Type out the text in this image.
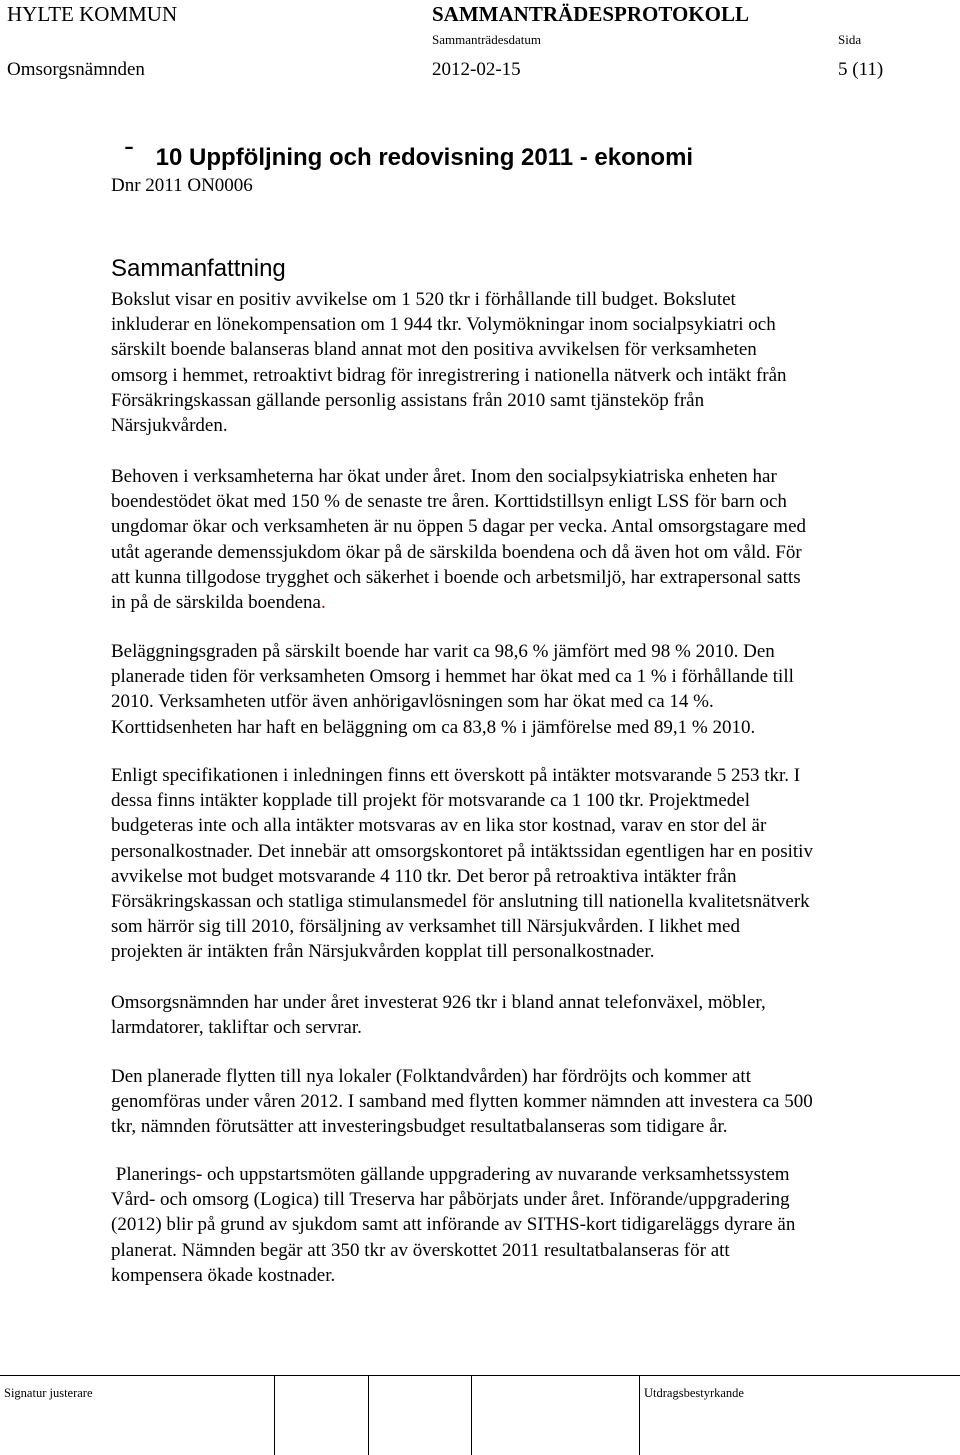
HYLTE KOMMUN	SAMMANTRÄDESPROTOKOLL
Sammanträdesdatum	Sida
Omsorgsnämnden	2012-02-15	5 (11)
¯ 10 Uppföljning och redovisning 2011 - ekonomi
Dnr 2011 ON0006
Sammanfattning
Bokslut visar en positiv avvikelse om 1 520 tkr i förhållande till budget. Bokslutet
inkluderar en lönekompensation om 1 944 tkr. Volymökningar inom socialpsykiatri och
särskilt boende balanseras bland annat mot den positiva avvikelsen för verksamheten
omsorg i hemmet, retroaktivt bidrag för inregistrering i nationella nätverk och intäkt från
Försäkringskassan gällande personlig assistans från 2010 samt tjänsteköp från
Närsjukvården.
Behoven i verksamheterna har ökat under året. Inom den socialpsykiatriska enheten har
boendestödet ökat med 150 % de senaste tre åren. Korttidstillsyn enligt LSS för barn och
ungdomar ökar och verksamheten är nu öppen 5 dagar per vecka. Antal omsorgstagare med
utåt agerande demenssjukdom ökar på de särskilda boendena och då även hot om våld. För
att kunna tillgodose trygghet och säkerhet i boende och arbetsmiljö, har extrapersonal satts
in på de särskilda boendena.
Beläggningsgraden på särskilt boende har varit ca 98,6 % jämfört med 98 % 2010. Den
planerade tiden för verksamheten Omsorg i hemmet har ökat med ca 1 % i förhållande till
2010. Verksamheten utför även anhörigavlösningen som har ökat med ca 14 %.
Korttidsenheten har haft en beläggning om ca 83,8 % i jämförelse med 89,1 % 2010.
Enligt specifikationen i inledningen finns ett överskott på intäkter motsvarande 5 253 tkr. I
dessa finns intäkter kopplade till projekt för motsvarande ca 1 100 tkr. Projektmedel
budgeteras inte och alla intäkter motsvaras av en lika stor kostnad, varav en stor del är
personalkostnader. Det innebär att omsorgskontoret på intäktssidan egentligen har en positiv
avvikelse mot budget motsvarande 4 110 tkr. Det beror på retroaktiva intäkter från
Försäkringskassan och statliga stimulansmedel för anslutning till nationella kvalitetsnätverk
som härrör sig till 2010, försäljning av verksamhet till Närsjukvården. I likhet med
projekten är intäkten från Närsjukvården kopplat till personalkostnader.
Omsorgsnämnden har under året investerat 926 tkr i bland annat telefonväxel, möbler,
larmdatorer, takliftar och servrar.
Den planerade flytten till nya lokaler (Folktandvården) har fördröjts och kommer att
genomföras under våren 2012. I samband med flytten kommer nämnden att investera ca 500
tkr, nämnden förutsätter att investeringsbudget resultatbalanseras som tidigare år.
Planerings- och uppstartsmöten gällande uppgradering av nuvarande verksamhetssystem
Vård- och omsorg (Logica) till Treserva har påbörjats under året. Införande/uppgradering
(2012) blir på grund av sjukdom samt att införande av SITHS-kort tidigareläggs dyrare än
planerat. Nämnden begär att 350 tkr av överskottet 2011 resultatbalanseras för att
kompensera ökade kostnader.
Signatur justerare	Utdragsbestyrkande
